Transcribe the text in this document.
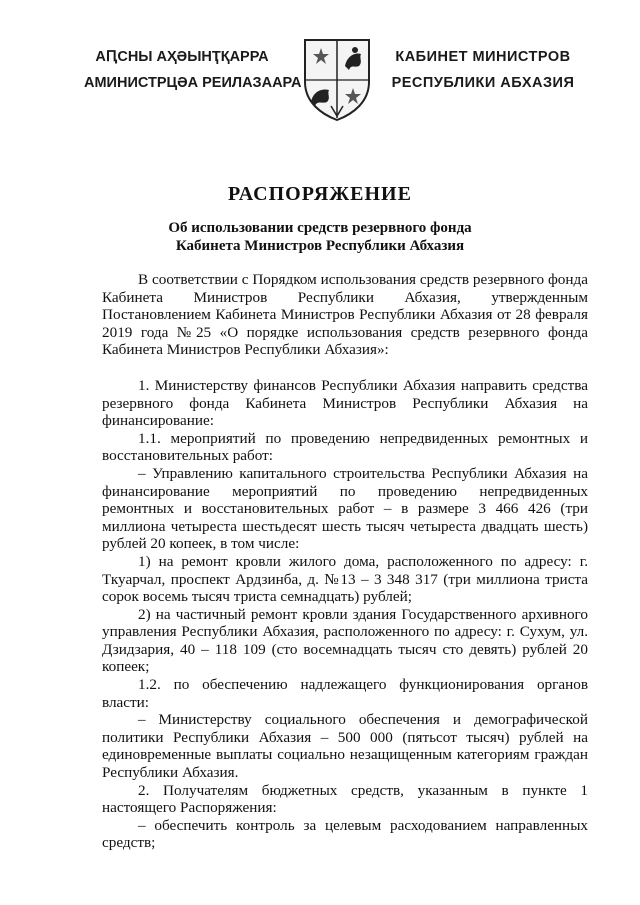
АԤСНЫ АҲӘЫНҬҚАРРА
АМИНИСТРЦӘА РЕИЛАЗААРА
КАБИНЕТ МИНИСТРОВ
РЕСПУБЛИКИ АБХАЗИЯ
РАСПОРЯЖЕНИЕ
Об использовании средств резервного фонда
Кабинета Министров Республики Абхазия

В соответствии с Порядком использования средств резервного фонда Кабинета Министров Республики Абхазия, утвержденным Постановлением Кабинета Министров Республики Абхазия от 28 февраля 2019 года №25 «О порядке использования средств резервного фонда Кабинета Министров Республики Абхазия»:

1. Министерству финансов Республики Абхазия направить средства резервного фонда Кабинета Министров Республики Абхазия на финансирование:

1.1. мероприятий по проведению непредвиденных ремонтных и восстановительных работ:

– Управлению капитального строительства Республики Абхазия на финансирование мероприятий по проведению непредвиденных ремонтных и восстановительных работ – в размере 3 466 426 (три миллиона четыреста шестьдесят шесть тысяч четыреста двадцать шесть) рублей 20 копеек, в том числе:

1) на ремонт кровли жилого дома, расположенного по адресу: г. Ткуарчал, проспект Ардзинба, д. №13 – 3 348 317 (три миллиона триста сорок восемь тысяч триста семнадцать) рублей;

2) на частичный ремонт кровли здания Государственного архивного управления Республики Абхазия, расположенного по адресу: г. Сухум, ул. Дзидзария, 40 – 118 109 (сто восемнадцать тысяч сто девять) рублей 20 копеек;

1.2. по обеспечению надлежащего функционирования органов власти:

– Министерству социального обеспечения и демографической политики Республики Абхазия – 500 000 (пятьсот тысяч) рублей на единовременные выплаты социально незащищенным категориям граждан Республики Абхазия.

2. Получателям бюджетных средств, указанным в пункте 1 настоящего Распоряжения:

– обеспечить контроль за целевым расходованием направленных средств;
